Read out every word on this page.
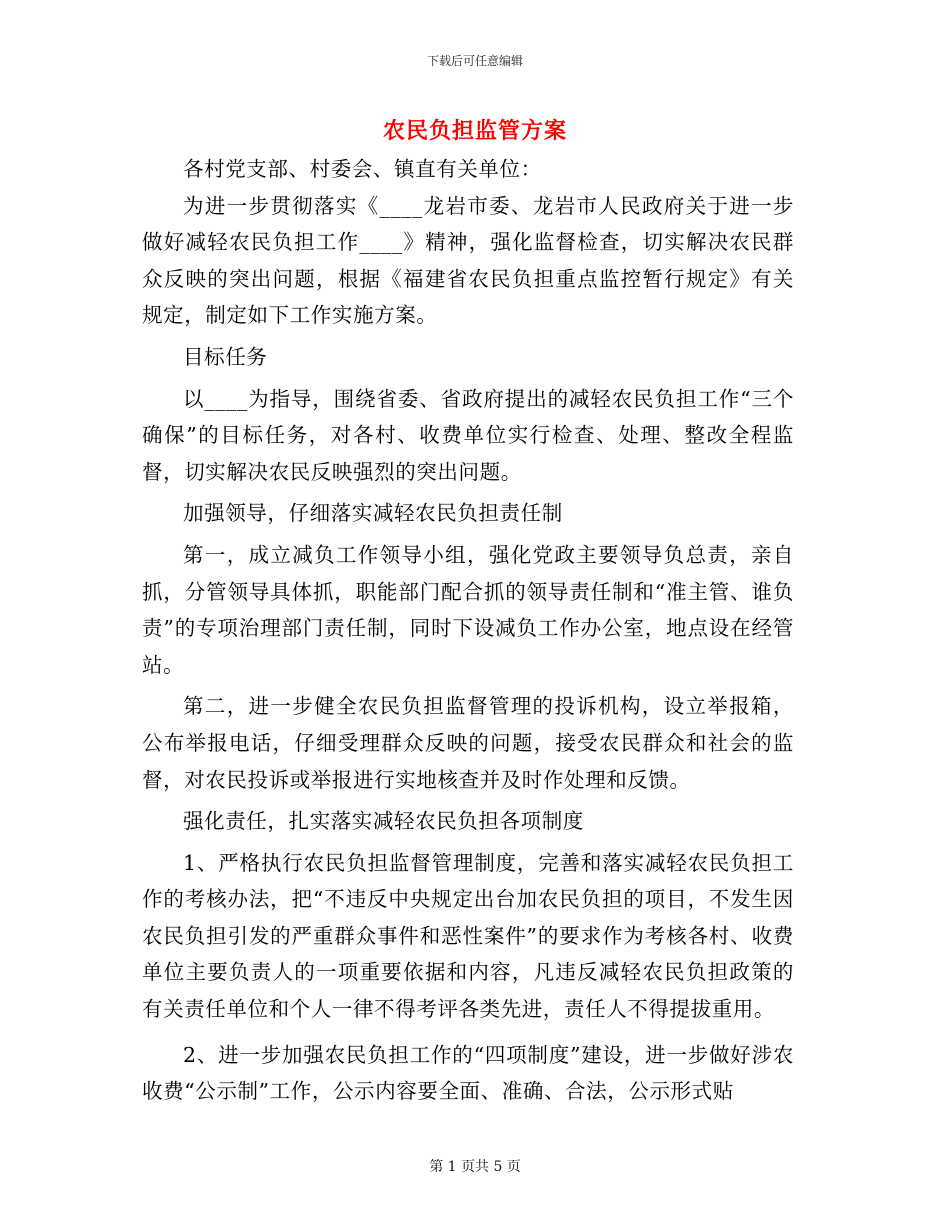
下载后可任意编辑
农民负担监管方案

各村党支部、村委会、镇直有关单位：

为进一步贯彻落实《____龙岩市委、龙岩市人民政府关于进一步做好减轻农民负担工作____》精神，强化监督检查，切实解决农民群众反映的突出问题，根据《福建省农民负担重点监控暂行规定》有关规定，制定如下工作实施方案。

目标任务

以____为指导，围绕省委、省政府提出的减轻农民负担工作“三个确保”的目标任务，对各村、收费单位实行检查、处理、整改全程监督，切实解决农民反映强烈的突出问题。

加强领导，仔细落实减轻农民负担责任制

第一，成立减负工作领导小组，强化党政主要领导负总责，亲自抓，分管领导具体抓，职能部门配合抓的领导责任制和“准主管、谁负责”的专项治理部门责任制，同时下设减负工作办公室，地点设在经管站。

第二，进一步健全农民负担监督管理的投诉机构，设立举报箱，公布举报电话，仔细受理群众反映的问题，接受农民群众和社会的监督，对农民投诉或举报进行实地核查并及时作处理和反馈。

强化责任，扎实落实减轻农民负担各项制度

1、严格执行农民负担监督管理制度，完善和落实减轻农民负担工作的考核办法，把“不违反中央规定出台加农民负担的项目，不发生因农民负担引发的严重群众事件和恶性案件”的要求作为考核各村、收费单位主要负责人的一项重要依据和内容，凡违反减轻农民负担政策的有关责任单位和个人一律不得考评各类先进，责任人不得提拔重用。

2、进一步加强农民负担工作的“四项制度”建设，进一步做好涉农收费“公示制”工作，公示内容要全面、准确、合法，公示形式贴

第 1 页共 5 页
